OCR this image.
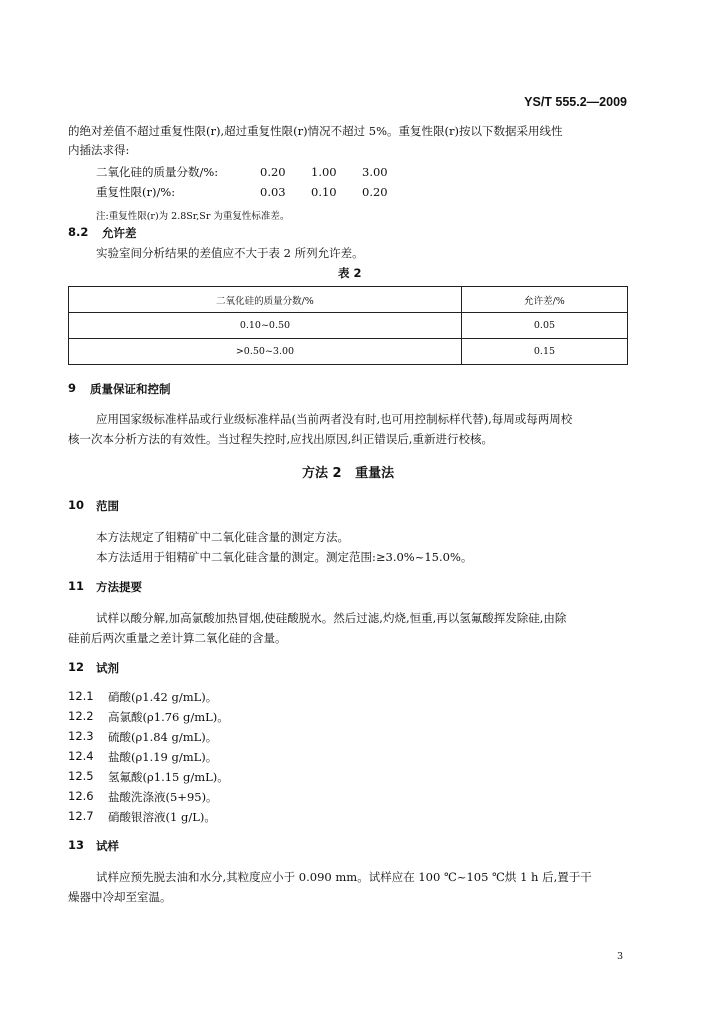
YS/T 555.2—2009
的绝对差值不超过重复性限(r),超过重复性限(r)情况不超过 5%。重复性限(r)按以下数据采用线性
内插法求得:
二氧化硅的质量分数/%:	0.20 1.00 3.00
重复性限(r)/%:	0.03 0.10 0.20
注:重复性限(r)为 2.8Sr,Sr 为重复性标准差。
8.2 允许差
实验室间分析结果的差值应不大于表 2 所列允许差。
表 2
二氧化硅的质量分数/%	允许差/%
0.10~0.50	0.05
>0.50~3.00	0.15
9 质量保证和控制
应用国家级标准样品或行业级标准样品(当前两者没有时,也可用控制标样代替),每周或每两周校
核一次本分析方法的有效性。当过程失控时,应找出原因,纠正错误后,重新进行校核。
方法 2   重量法
10 范围
本方法规定了钼精矿中二氧化硅含量的测定方法。
本方法适用于钼精矿中二氧化硅含量的测定。测定范围:≥3.0%~15.0%。
11 方法提要
试样以酸分解,加高氯酸加热冒烟,使硅酸脱水。然后过滤,灼烧,恒重,再以氢氟酸挥发除硅,由除
硅前后两次重量之差计算二氧化硅的含量。
12 试剂
12.1 硝酸(ρ1.42 g/mL)。
12.2 高氯酸(ρ1.76 g/mL)。
12.3 硫酸(ρ1.84 g/mL)。
12.4 盐酸(ρ1.19 g/mL)。
12.5 氢氟酸(ρ1.15 g/mL)。
12.6 盐酸洗涤液(5+95)。
12.7 硝酸银溶液(1 g/L)。
13 试样
试样应预先脱去油和水分,其粒度应小于 0.090 mm。试样应在 100 ℃~105 ℃烘 1 h 后,置于干
燥器中冷却至室温。
3
